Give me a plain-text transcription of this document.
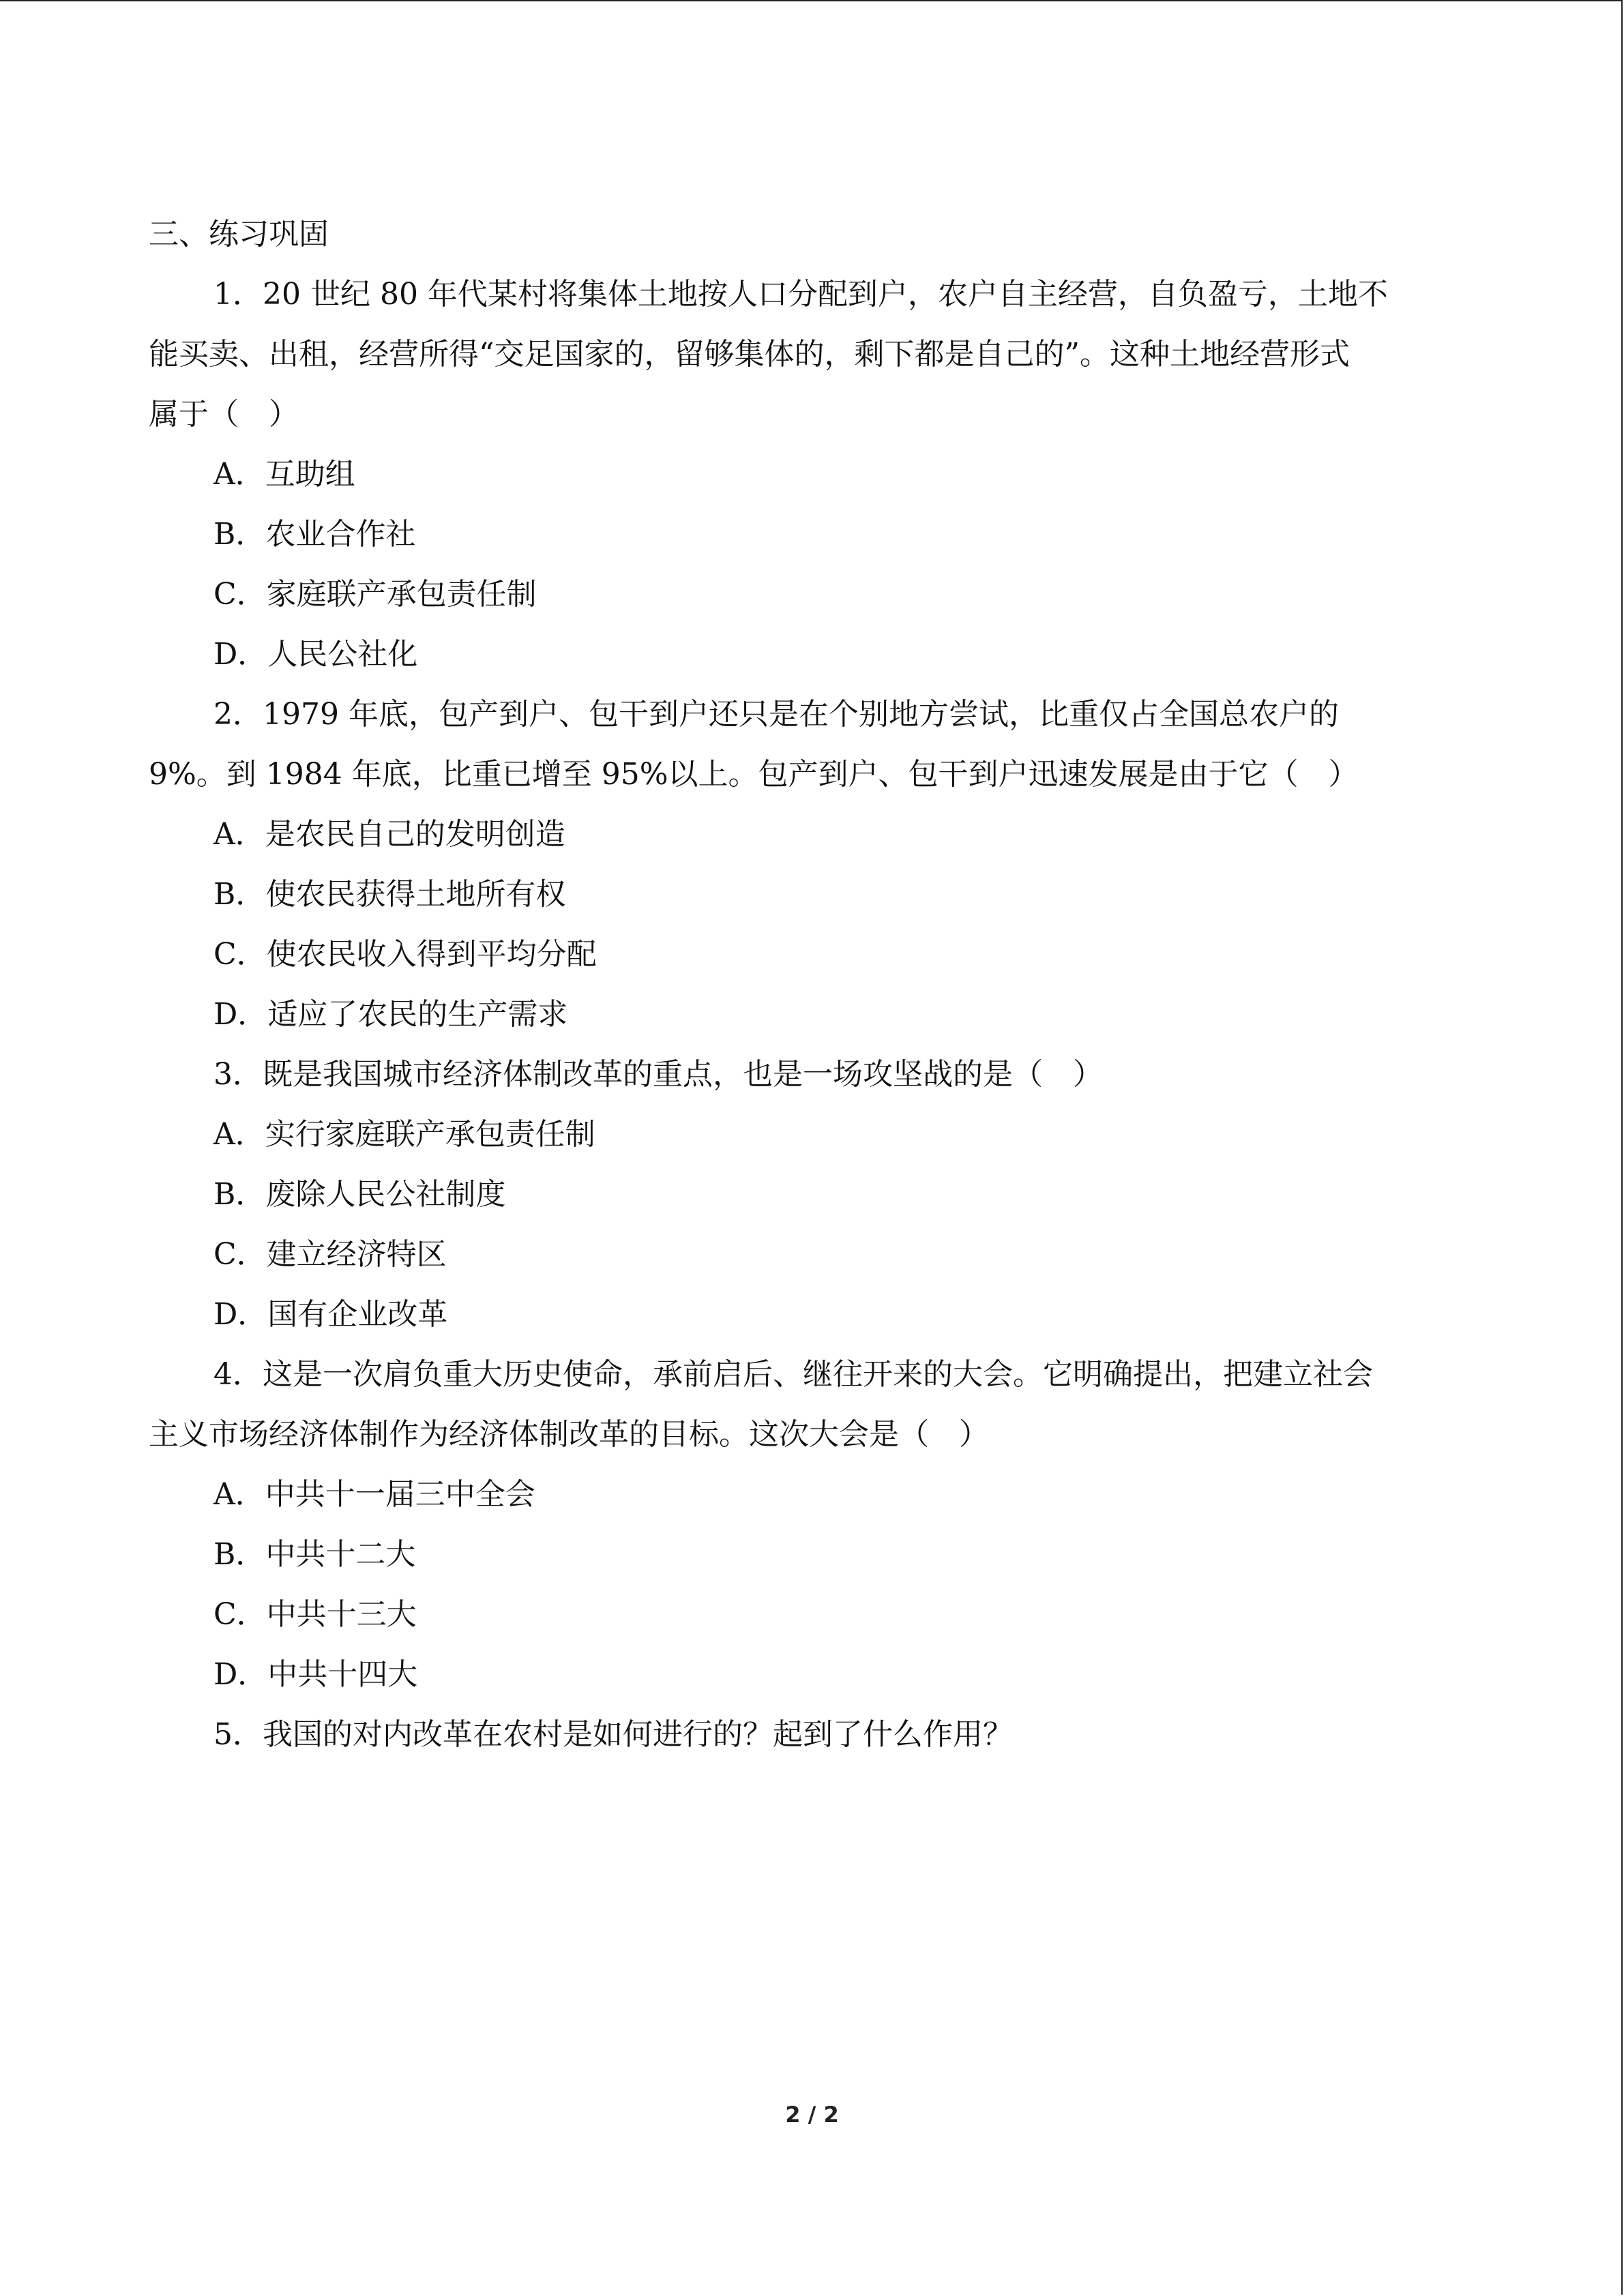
三、练习巩固
1．20 世纪 80 年代某村将集体土地按人口分配到户，农户自主经营，自负盈亏，土地不
能买卖、出租，经营所得“交足国家的，留够集体的，剩下都是自己的”。这种土地经营形式
属于（　）
A．互助组
B．农业合作社
C．家庭联产承包责任制
D．人民公社化
2．1979 年底，包产到户、包干到户还只是在个别地方尝试，比重仅占全国总农户的
9%。到 1984 年底，比重已增至 95%以上。包产到户、包干到户迅速发展是由于它（　）
A．是农民自己的发明创造
B．使农民获得土地所有权
C．使农民收入得到平均分配
D．适应了农民的生产需求
3．既是我国城市经济体制改革的重点，也是一场攻坚战的是（　）
A．实行家庭联产承包责任制
B．废除人民公社制度
C．建立经济特区
D．国有企业改革
4．这是一次肩负重大历史使命，承前启后、继往开来的大会。它明确提出，把建立社会
主义市场经济体制作为经济体制改革的目标。这次大会是（　）
A．中共十一届三中全会
B．中共十二大
C．中共十三大
D．中共十四大
5．我国的对内改革在农村是如何进行的？起到了什么作用？
2 / 2
